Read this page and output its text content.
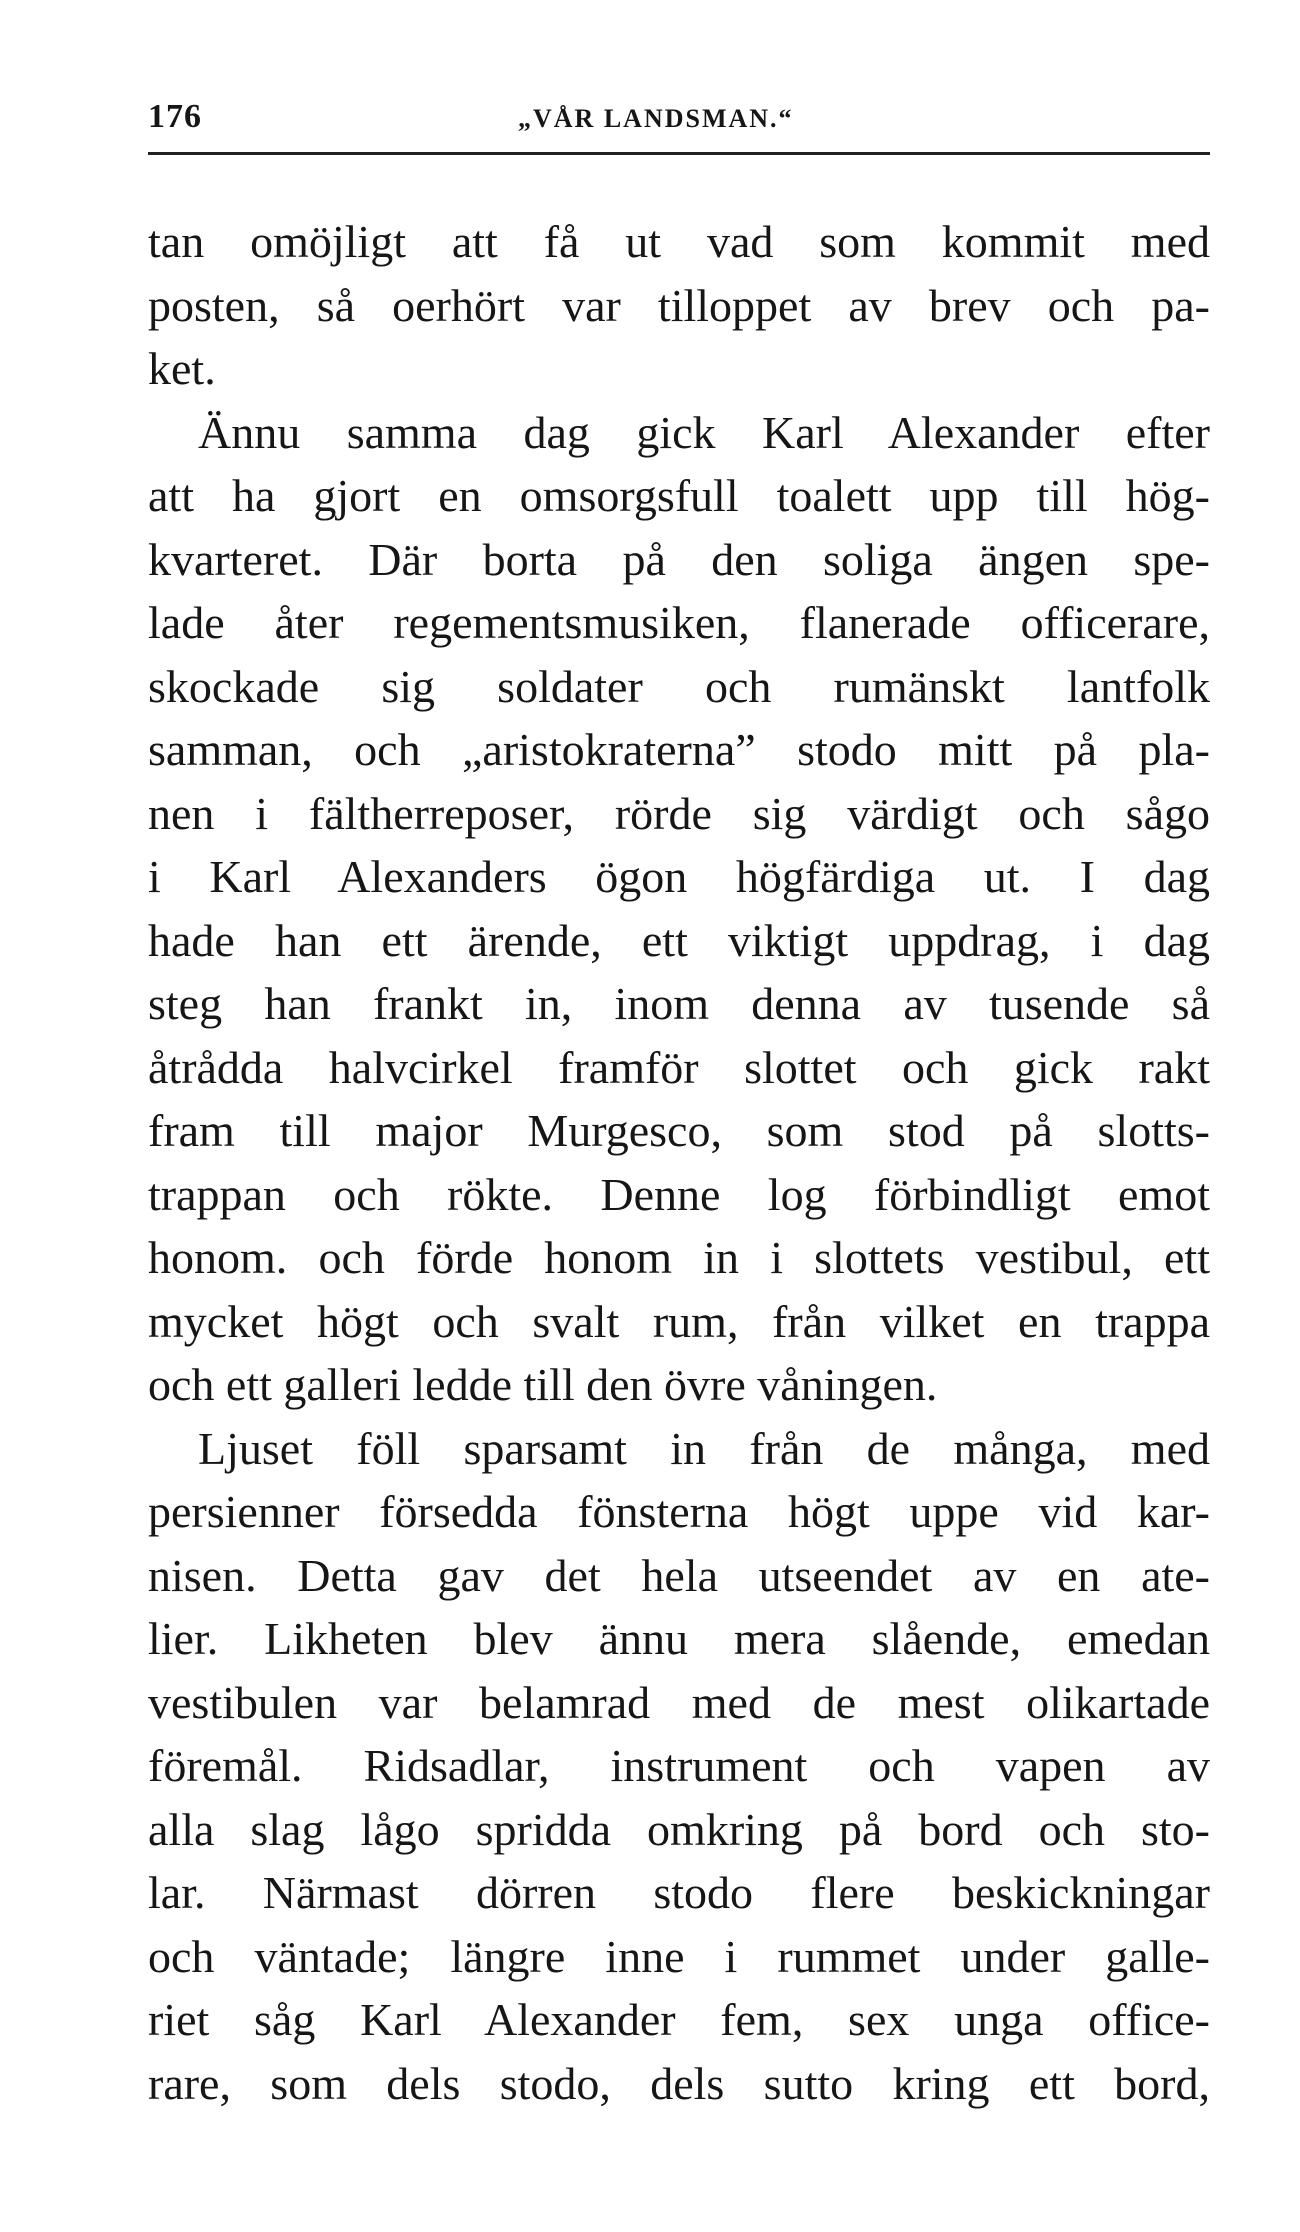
176	„VÅR LANDSMAN.“
tan omöjligt att få ut vad som kommit med
posten, så oerhört var tilloppet av brev och pa-
ket.
Ännu samma dag gick Karl Alexander efter
att ha gjort en omsorgsfull toalett upp till hög-
kvarteret. Där borta på den soliga ängen spe-
lade åter regementsmusiken, flanerade officerare,
skockade sig soldater och rumänskt lantfolk
samman, och „aristokraterna” stodo mitt på pla-
nen i fältherreposer, rörde sig värdigt och sågo
i Karl Alexanders ögon högfärdiga ut. I dag
hade han ett ärende, ett viktigt uppdrag, i dag
steg han frankt in, inom denna av tusende så
åtrådda halvcirkel framför slottet och gick rakt
fram till major Murgesco, som stod på slotts-
trappan och rökte. Denne log förbindligt emot
honom. och förde honom in i slottets vestibul, ett
mycket högt och svalt rum, från vilket en trappa
och ett galleri ledde till den övre våningen.
Ljuset föll sparsamt in från de många, med
persienner försedda fönsterna högt uppe vid kar-
nisen. Detta gav det hela utseendet av en ate-
lier. Likheten blev ännu mera slående, emedan
vestibulen var belamrad med de mest olikartade
föremål. Ridsadlar, instrument och vapen av
alla slag lågo spridda omkring på bord och sto-
lar. Närmast dörren stodo flere beskickningar
och väntade; längre inne i rummet under galle-
riet såg Karl Alexander fem, sex unga officе-
rare, som dels stodo, dels sutto kring ett bord,
